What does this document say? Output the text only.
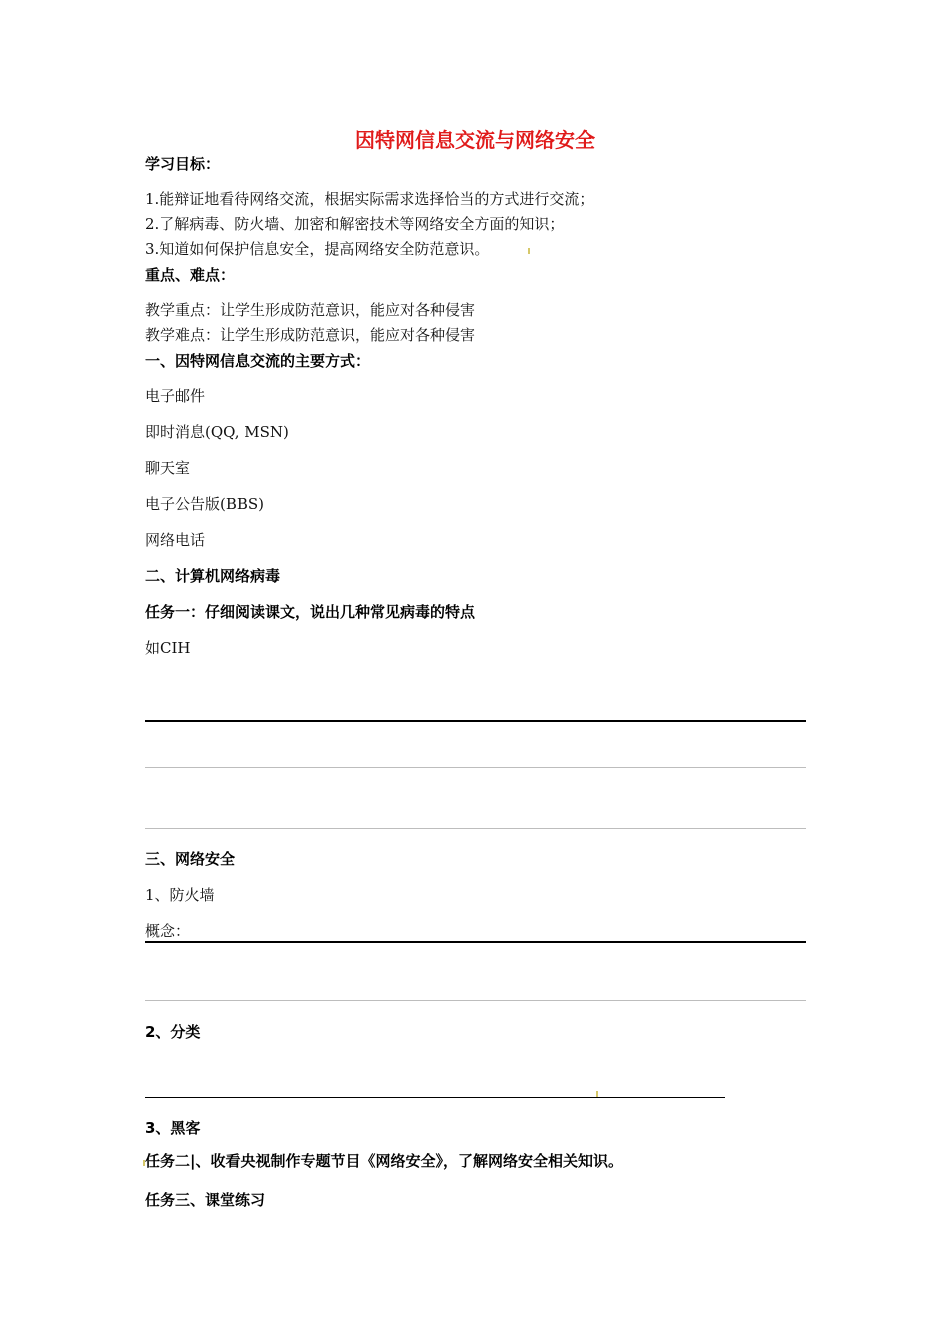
因特网信息交流与网络安全
学习目标：
1.能辩证地看待网络交流，根据实际需求选择恰当的方式进行交流；
2.了解病毒、防火墙、加密和解密技术等网络安全方面的知识；
3.知道如何保护信息安全，提高网络安全防范意识。
重点、难点：
教学重点：让学生形成防范意识，能应对各种侵害
教学难点：让学生形成防范意识，能应对各种侵害
一、因特网信息交流的主要方式：
电子邮件
即时消息(QQ, MSN)
聊天室
电子公告版(BBS)
网络电话
二、计算机网络病毒
任务一：仔细阅读课文，说出几种常见病毒的特点
如CIH
三、网络安全
1、防火墙
概念：
2、分类
3、黑客
任务二|、收看央视制作专题节目《网络安全》，了解网络安全相关知识。
任务三、课堂练习
